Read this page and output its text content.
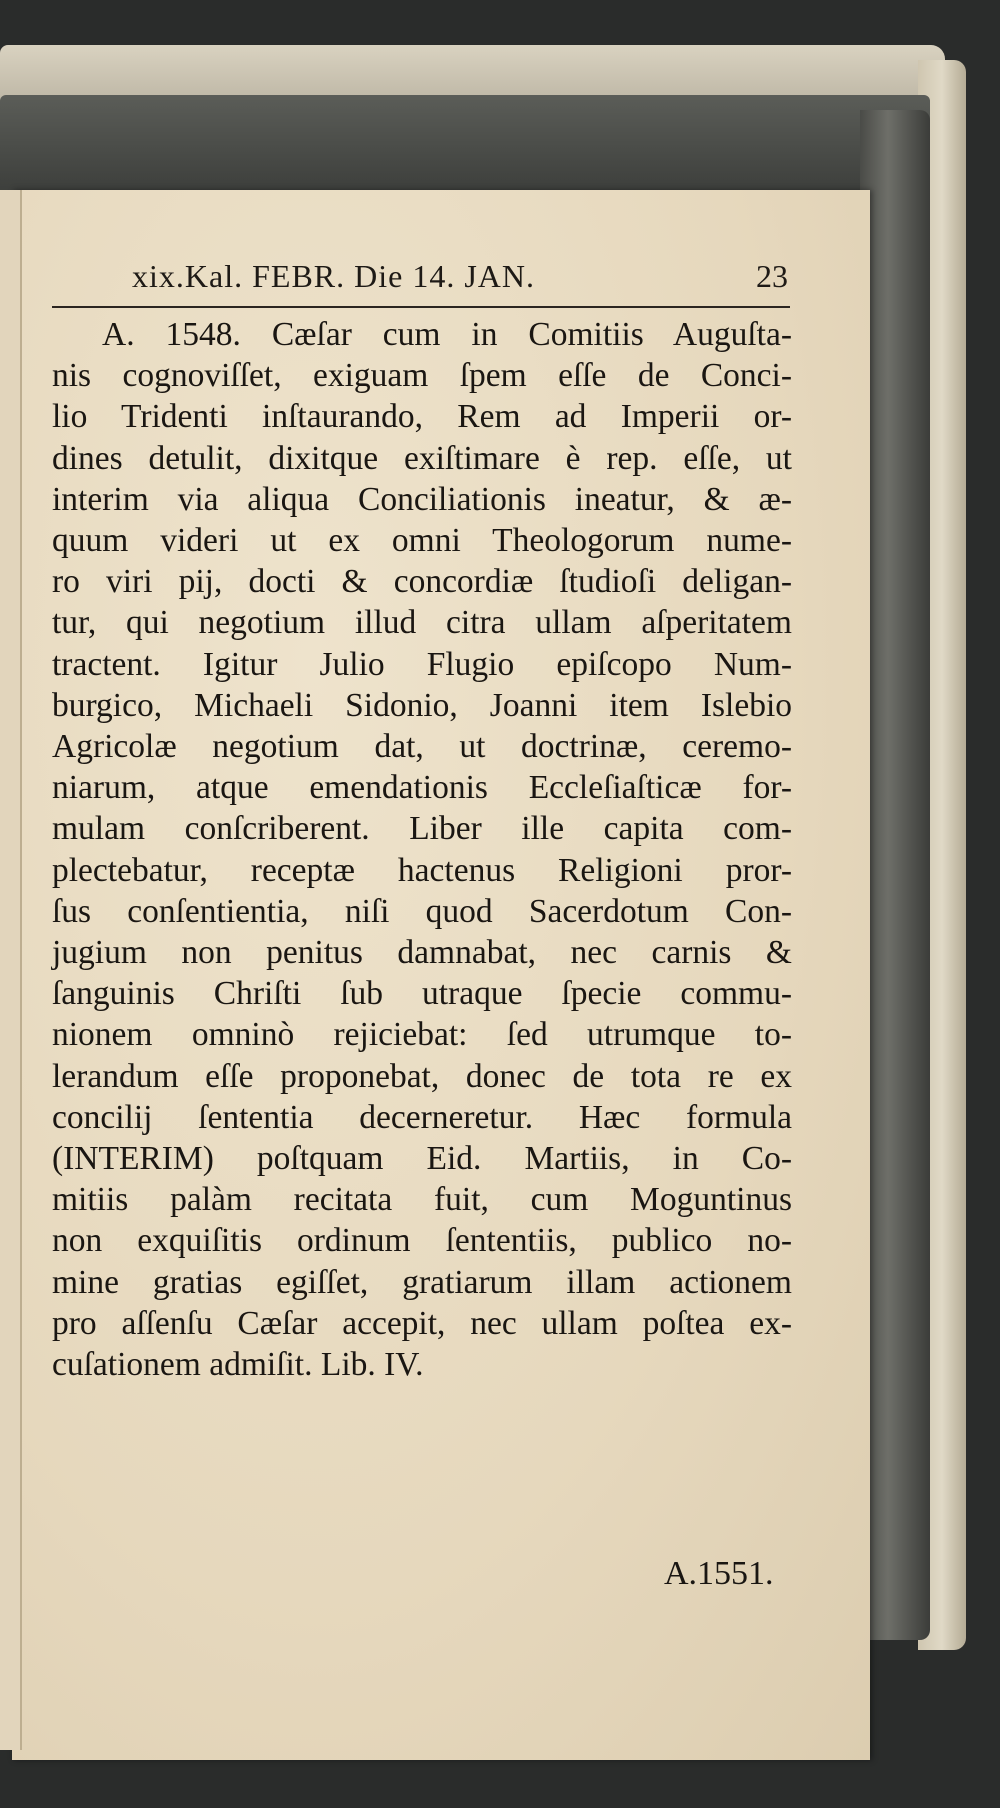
xix.Kal. FEBR. Die 14. JAN.	23
A. 1548. Cæſar cum in Comitiis Auguſta-
nis cognoviſſet, exiguam ſpem eſſe de Conci-
lio Tridenti inſtaurando, Rem ad Imperii or-
dines detulit, dixitque exiſtimare è rep. eſſe, ut
interim via aliqua Conciliationis ineatur, & æ-
quum videri ut ex omni Theologorum nume-
ro viri pij, docti & concordiæ ſtudioſi deligan-
tur, qui negotium illud citra ullam aſperitatem
tractent. Igitur Julio Flugio epiſcopo Num-
burgico, Michaeli Sidonio, Joanni item Islebio
Agricolæ negotium dat, ut doctrinæ, ceremo-
niarum, atque emendationis Eccleſiaſticæ for-
mulam conſcriberent. Liber ille capita com-
plectebatur, receptæ hactenus Religioni pror-
ſus conſentientia, niſi quod Sacerdotum Con-
jugium non penitus damnabat, nec carnis &
ſanguinis Chriſti ſub utraque ſpecie commu-
nionem omninò rejiciebat: ſed utrumque to-
lerandum eſſe proponebat, donec de tota re ex
concilij ſententia decerneretur. Hæc formula
(INTERIM) poſtquam Eid. Martiis, in Co-
mitiis palàm recitata fuit, cum Moguntinus
non exquiſitis ordinum ſententiis, publico no-
mine gratias egiſſet, gratiarum illam actionem
pro aſſenſu Cæſar accepit, nec ullam poſtea ex-
cuſationem admiſit. Lib. IV.
A.1551.
